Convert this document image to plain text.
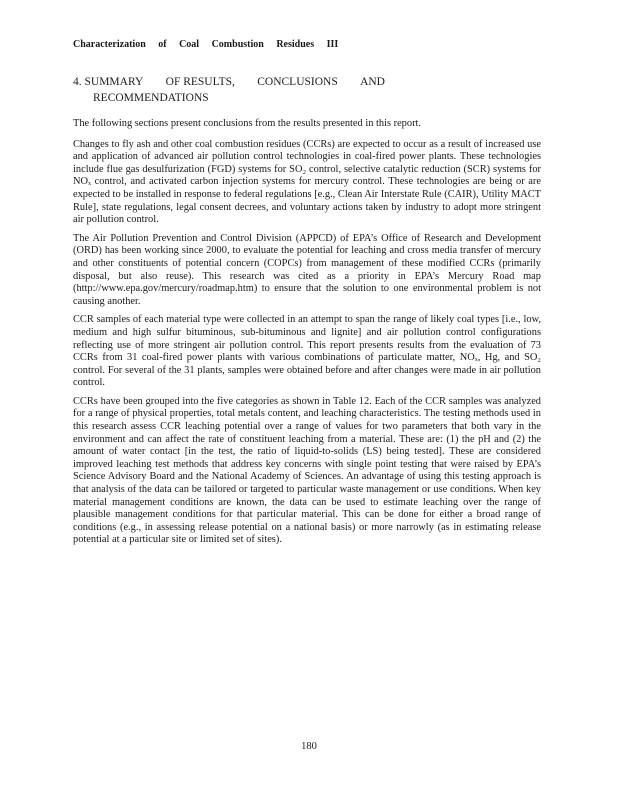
Characterization of Coal Combustion Residues III
4. SUMMARY OF RESULTS, CONCLUSIONS AND
RECOMMENDATIONS

The following sections present conclusions from the results presented in this report.

Changes to fly ash and other coal combustion residues (CCRs) are expected to occur as a result of increased use and application of advanced air pollution control technologies in coal-fired power plants. These technologies include flue gas desulfurization (FGD) systems for SO₂ control, selective catalytic reduction (SCR) systems for NOₓ control, and activated carbon injection systems for mercury control. These technologies are being or are expected to be installed in response to federal regulations [e.g., Clean Air Interstate Rule (CAIR), Utility MACT Rule], state regulations, legal consent decrees, and voluntary actions taken by industry to adopt more stringent air pollution control.

The Air Pollution Prevention and Control Division (APPCD) of EPA’s Office of Research and Development (ORD) has been working since 2000, to evaluate the potential for leaching and cross media transfer of mercury and other constituents of potential concern (COPCs) from management of these modified CCRs (primarily disposal, but also reuse). This research was cited as a priority in EPA’s Mercury Road map (http://www.epa.gov/mercury/roadmap.htm) to ensure that the solution to one environmental problem is not causing another.

CCR samples of each material type were collected in an attempt to span the range of likely coal types [i.e., low, medium and high sulfur bituminous, sub-bituminous and lignite] and air pollution control configurations reflecting use of more stringent air pollution control. This report presents results from the evaluation of 73 CCRs from 31 coal-fired power plants with various combinations of particulate matter, NOₓ, Hg, and SO₂ control. For several of the 31 plants, samples were obtained before and after changes were made in air pollution control.

CCRs have been grouped into the five categories as shown in Table 12. Each of the CCR samples was analyzed for a range of physical properties, total metals content, and leaching characteristics. The testing methods used in this research assess CCR leaching potential over a range of values for two parameters that both vary in the environment and can affect the rate of constituent leaching from a material. These are: (1) the pH and (2) the amount of water contact [in the test, the ratio of liquid-to-solids (LS) being tested]. These are considered improved leaching test methods that address key concerns with single point testing that were raised by EPA’s Science Advisory Board and the National Academy of Sciences. An advantage of using this testing approach is that analysis of the data can be tailored or targeted to particular waste management or use conditions. When key material management conditions are known, the data can be used to estimate leaching over the range of plausible management conditions for that particular material. This can be done for either a broad range of conditions (e.g., in assessing release potential on a national basis) or more narrowly (as in estimating release potential at a particular site or limited set of sites).

180
